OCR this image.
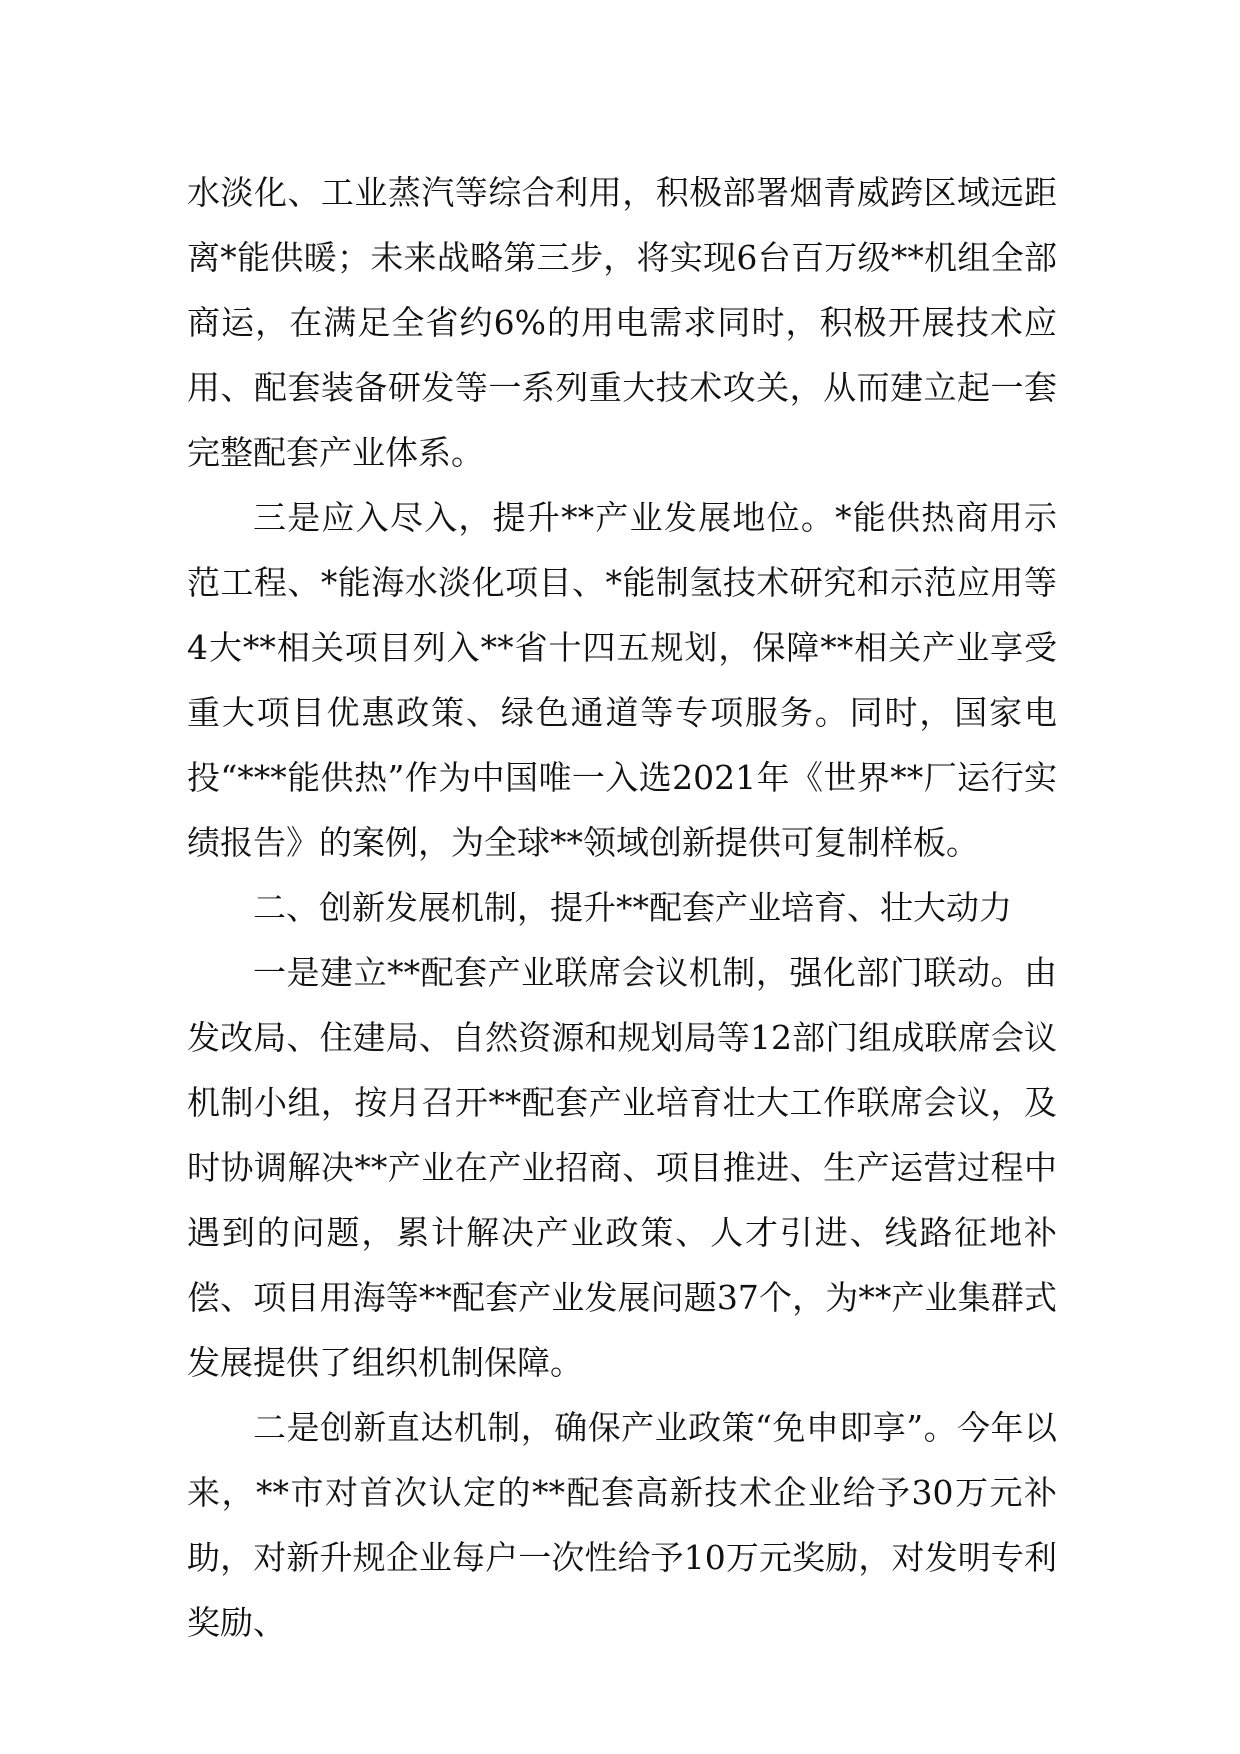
水淡化、工业蒸汽等综合利用，积极部署烟青威跨区域远距离*能供暖；未来战略第三步，将实现6台百万级**机组全部商运，在满足全省约6%的用电需求同时，积极开展技术应用、配套装备研发等一系列重大技术攻关，从而建立起一套完整配套产业体系。

三是应入尽入，提升**产业发展地位。*能供热商用示范工程、*能海水淡化项目、*能制氢技术研究和示范应用等4大**相关项目列入**省十四五规划，保障**相关产业享受重大项目优惠政策、绿色通道等专项服务。同时，国家电投“***能供热”作为中国唯一入选2021年《世界**厂运行实绩报告》的案例，为全球**领域创新提供可复制样板。

二、创新发展机制，提升**配套产业培育、壮大动力

一是建立**配套产业联席会议机制，强化部门联动。由发改局、住建局、自然资源和规划局等12部门组成联席会议机制小组，按月召开**配套产业培育壮大工作联席会议，及时协调解决**产业在产业招商、项目推进、生产运营过程中遇到的问题，累计解决产业政策、人才引进、线路征地补偿、项目用海等**配套产业发展问题37个，为**产业集群式发展提供了组织机制保障。

二是创新直达机制，确保产业政策“免申即享”。今年以来，**市对首次认定的**配套高新技术企业给予30万元补助，对新升规企业每户一次性给予10万元奖励，对发明专利奖励、
